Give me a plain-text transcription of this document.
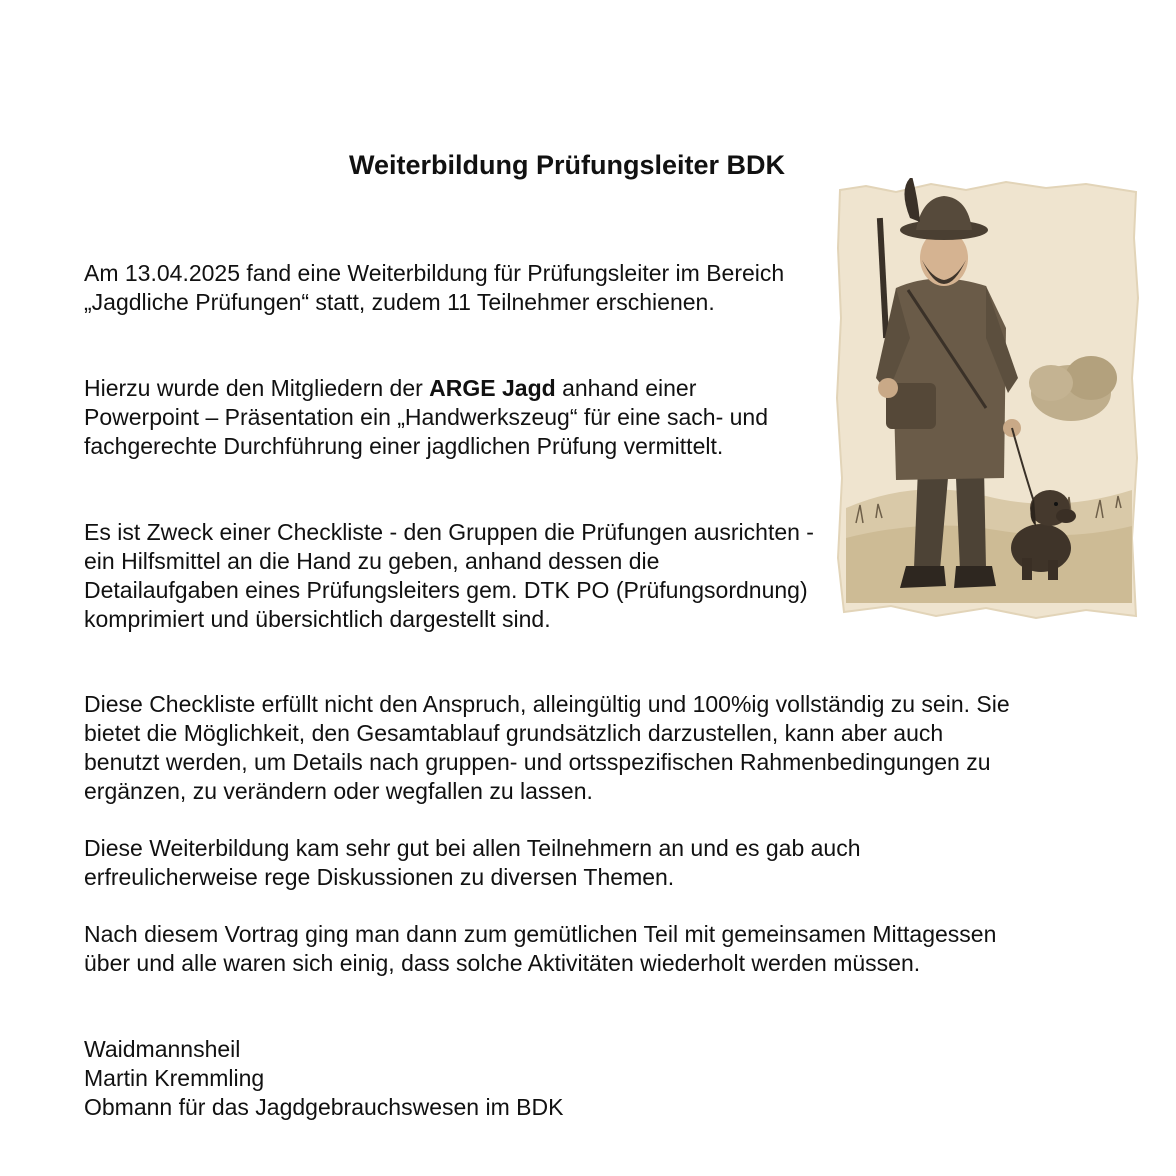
Weiterbildung Prüfungsleiter BDK

Am 13.04.2025 fand eine Weiterbildung für Prüfungsleiter im Bereich „Jagdliche Prüfungen“ statt, zudem 11 Teilnehmer erschienen.

Hierzu wurde den Mitgliedern der ARGE Jagd anhand einer Powerpoint – Präsentation ein „Handwerkszeug“ für eine sach- und fachgerechte Durchführung einer jagdlichen Prüfung vermittelt.

Es ist Zweck einer Checkliste - den Gruppen die Prüfungen ausrichten - ein Hilfsmittel an die Hand zu geben, anhand dessen die Detailaufgaben eines Prüfungsleiters gem. DTK PO (Prüfungsordnung) komprimiert und übersichtlich dargestellt sind.

Diese Checkliste erfüllt nicht den Anspruch, alleingültig und 100%ig vollständig zu sein. Sie bietet die Möglichkeit, den Gesamtablauf grundsätzlich darzustellen, kann aber auch benutzt werden, um Details nach gruppen- und ortsspezifischen Rahmenbedingungen zu ergänzen, zu verändern oder wegfallen zu lassen.

Diese Weiterbildung kam sehr gut bei allen Teilnehmern an und es gab auch erfreulicherweise rege Diskussionen zu diversen Themen.

Nach diesem Vortrag ging man dann zum gemütlichen Teil mit gemeinsamen Mittagessen über und alle waren sich einig, dass solche Aktivitäten wiederholt werden müssen.

Waidmannsheil
Martin Kremmling
Obmann für das Jagdgebrauchswesen im BDK
